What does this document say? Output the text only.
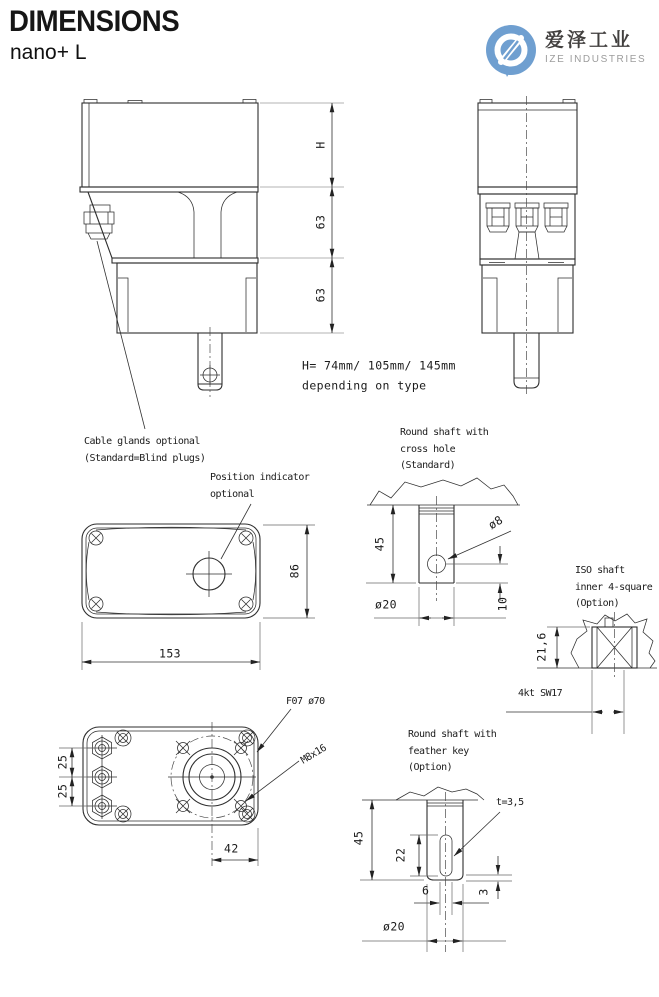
DIMENSIONS
nano+ L
爱泽工业
IZE INDUSTRIES
H= 74mm/ 105mm/ 145mm
depending on type
Cable glands optional
(Standard=Blind plugs)
Position indicator
optional
Round shaft with
cross hole
(Standard)
ISO shaft
inner 4-square
(Option)
Round shaft with
feather key
(Option)
H
63
63
86
153
45
ø8
10
ø20
21,6
4kt SW17
25
25
F07 ø70
M8x16
42
45
22
t=3,5
6	3
ø20
